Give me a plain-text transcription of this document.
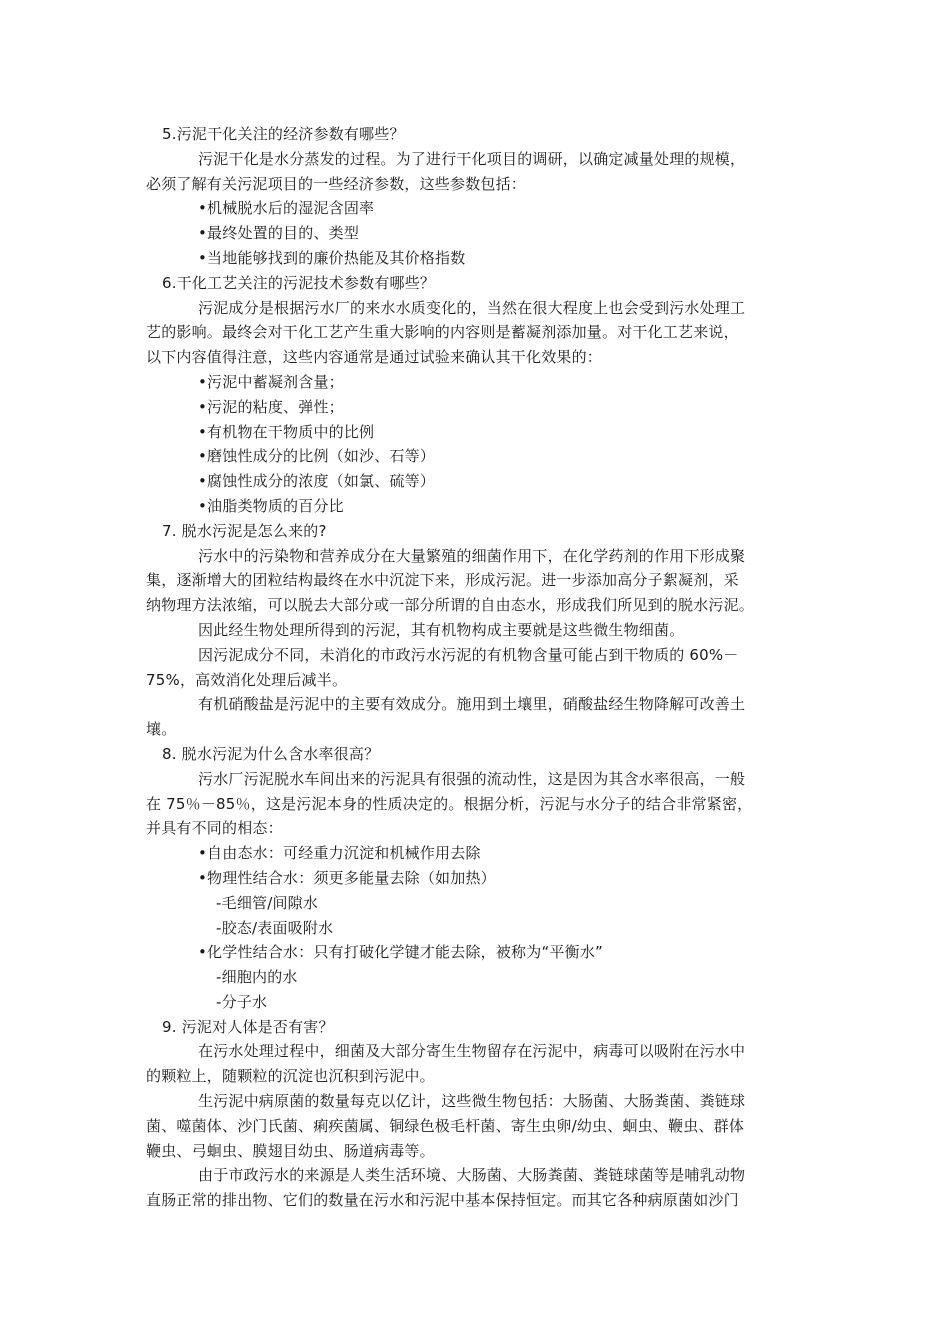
5.污泥干化关注的经济参数有哪些？
污泥干化是水分蒸发的过程。为了进行干化项目的调研，以确定减量处理的规模，
必须了解有关污泥项目的一些经济参数，这些参数包括：
•机械脱水后的湿泥含固率
•最终处置的目的、类型
•当地能够找到的廉价热能及其价格指数
6.干化工艺关注的污泥技术参数有哪些？
污泥成分是根据污水厂的来水水质变化的，当然在很大程度上也会受到污水处理工
艺的影响。最终会对干化工艺产生重大影响的内容则是蓄凝剂添加量。对干化工艺来说，
以下内容值得注意，这些内容通常是通过试验来确认其干化效果的：
•污泥中蓄凝剂含量；
•污泥的粘度、弹性；
•有机物在干物质中的比例
•磨蚀性成分的比例（如沙、石等）
•腐蚀性成分的浓度（如氯、硫等）
•油脂类物质的百分比
7. 脱水污泥是怎么来的?
污水中的污染物和营养成分在大量繁殖的细菌作用下，在化学药剂的作用下形成聚
集，逐渐增大的团粒结构最终在水中沉淀下来，形成污泥。进一步添加高分子絮凝剂，采
纳物理方法浓缩，可以脱去大部分或一部分所谓的自由态水，形成我们所见到的脱水污泥。
因此经生物处理所得到的污泥，其有机物构成主要就是这些微生物细菌。
因污泥成分不同，未消化的市政污水污泥的有机物含量可能占到干物质的 60%－
75%，高效消化处理后减半。
有机硝酸盐是污泥中的主要有效成分。施用到土壤里，硝酸盐经生物降解可改善土
壤。
8. 脱水污泥为什么含水率很高？
污水厂污泥脱水车间出来的污泥具有很强的流动性，这是因为其含水率很高，一般
在 75％－85％，这是污泥本身的性质决定的。根据分析，污泥与水分子的结合非常紧密，
并具有不同的相态：
•自由态水：可经重力沉淀和机械作用去除
•物理性结合水：须更多能量去除（如加热）
-毛细管/间隙水
-胶态/表面吸附水
•化学性结合水：只有打破化学键才能去除，被称为“平衡水”
-细胞内的水
-分子水
9. 污泥对人体是否有害？
在污水处理过程中，细菌及大部分寄生生物留存在污泥中，病毒可以吸附在污水中
的颗粒上，随颗粒的沉淀也沉积到污泥中。
生污泥中病原菌的数量每克以亿计，这些微生物包括：大肠菌、大肠粪菌、粪链球
菌、噬菌体、沙门氏菌、痢疾菌属、铜绿色极毛杆菌、寄生虫卵/幼虫、蛔虫、鞭虫、群体
鞭虫、弓蛔虫、膜翅目幼虫、肠道病毒等。
由于市政污水的来源是人类生活环境、大肠菌、大肠粪菌、粪链球菌等是哺乳动物
直肠正常的排出物、它们的数量在污水和污泥中基本保持恒定。而其它各种病原菌如沙门
